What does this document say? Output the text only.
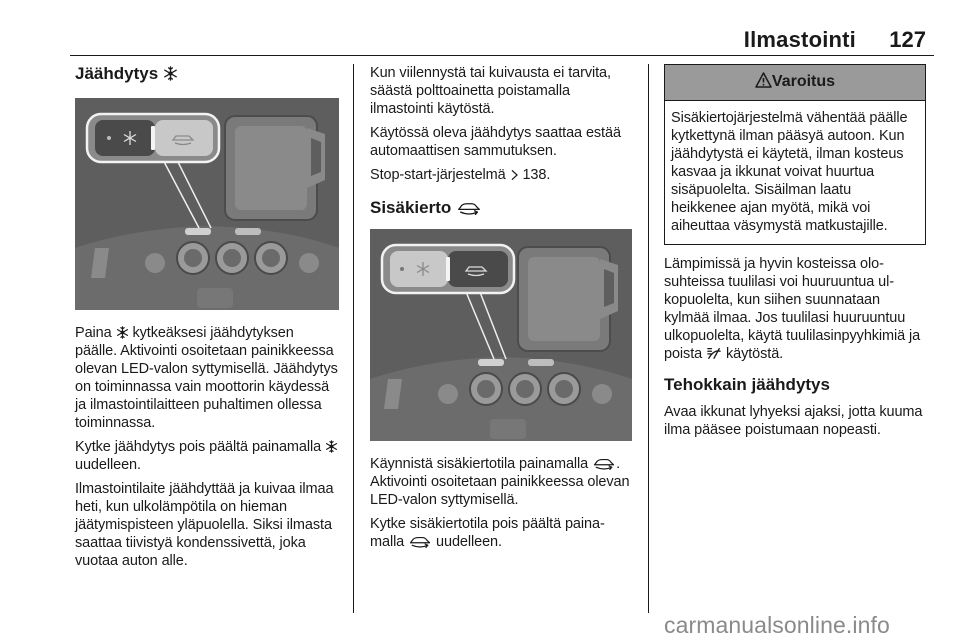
Ilmastointi 127
Jäähdytys
Paina kytkeäksesi jäähdytyksen päälle. Aktivointi osoitetaan painikkeessa olevan LED-valon syttymisellä. Jäähdytys on toiminnassa vain moottorin käydessä ja ilmastointilaitteen puhaltimen ollessa toiminnassa.
Kytke jäähdytys pois päältä painamalla  uudelleen.
Ilmastointilaite jäähdyttää ja kuivaa ilmaa heti, kun ulkolämpötila on hieman jäätymispisteen yläpuolella. Siksi ilmasta saattaa tiivistyä kondenssivettä, joka vuotaa auton alle.
Kun viilennystä tai kuivausta ei tarvita, säästä polttoainetta poistamalla ilmastointi käytöstä.
Käytössä oleva jäähdytys saattaa estää automaattisen sammutuksen.
Stop-start-järjestelmä 138.
Sisäkierto
Käynnistä sisäkiertotila painamalla . Aktivointi osoitetaan painikkeessa olevan LED-valon syttymisellä.
Kytke sisäkiertotila pois päältä painamalla uudelleen.
Varoitus
Sisäkiertojärjestelmä vähentää päälle kytkettynä ilman pääsyä autoon. Kun jäähdytystä ei käytetä, ilman kosteus kasvaa ja ikkunat voivat huurtua sisäpuolelta. Sisäilman laatu heikkenee ajan myötä, mikä voi aiheuttaa väsymystä matkustajille.
Lämpimissä ja hyvin kosteissa olosuhteissa tuulilasi voi huuruuntua ulkopuolelta, kun siihen suunnataan kylmää ilmaa. Jos tuulilasi huuruuntuu ulkopuolelta, käytä tuulilasinpyyhkimiä ja poista käytöstä.
Tehokkain jäähdytys
Avaa ikkunat lyhyeksi ajaksi, jotta kuuma ilma pääsee poistumaan nopeasti.
carmanualsonline.info
